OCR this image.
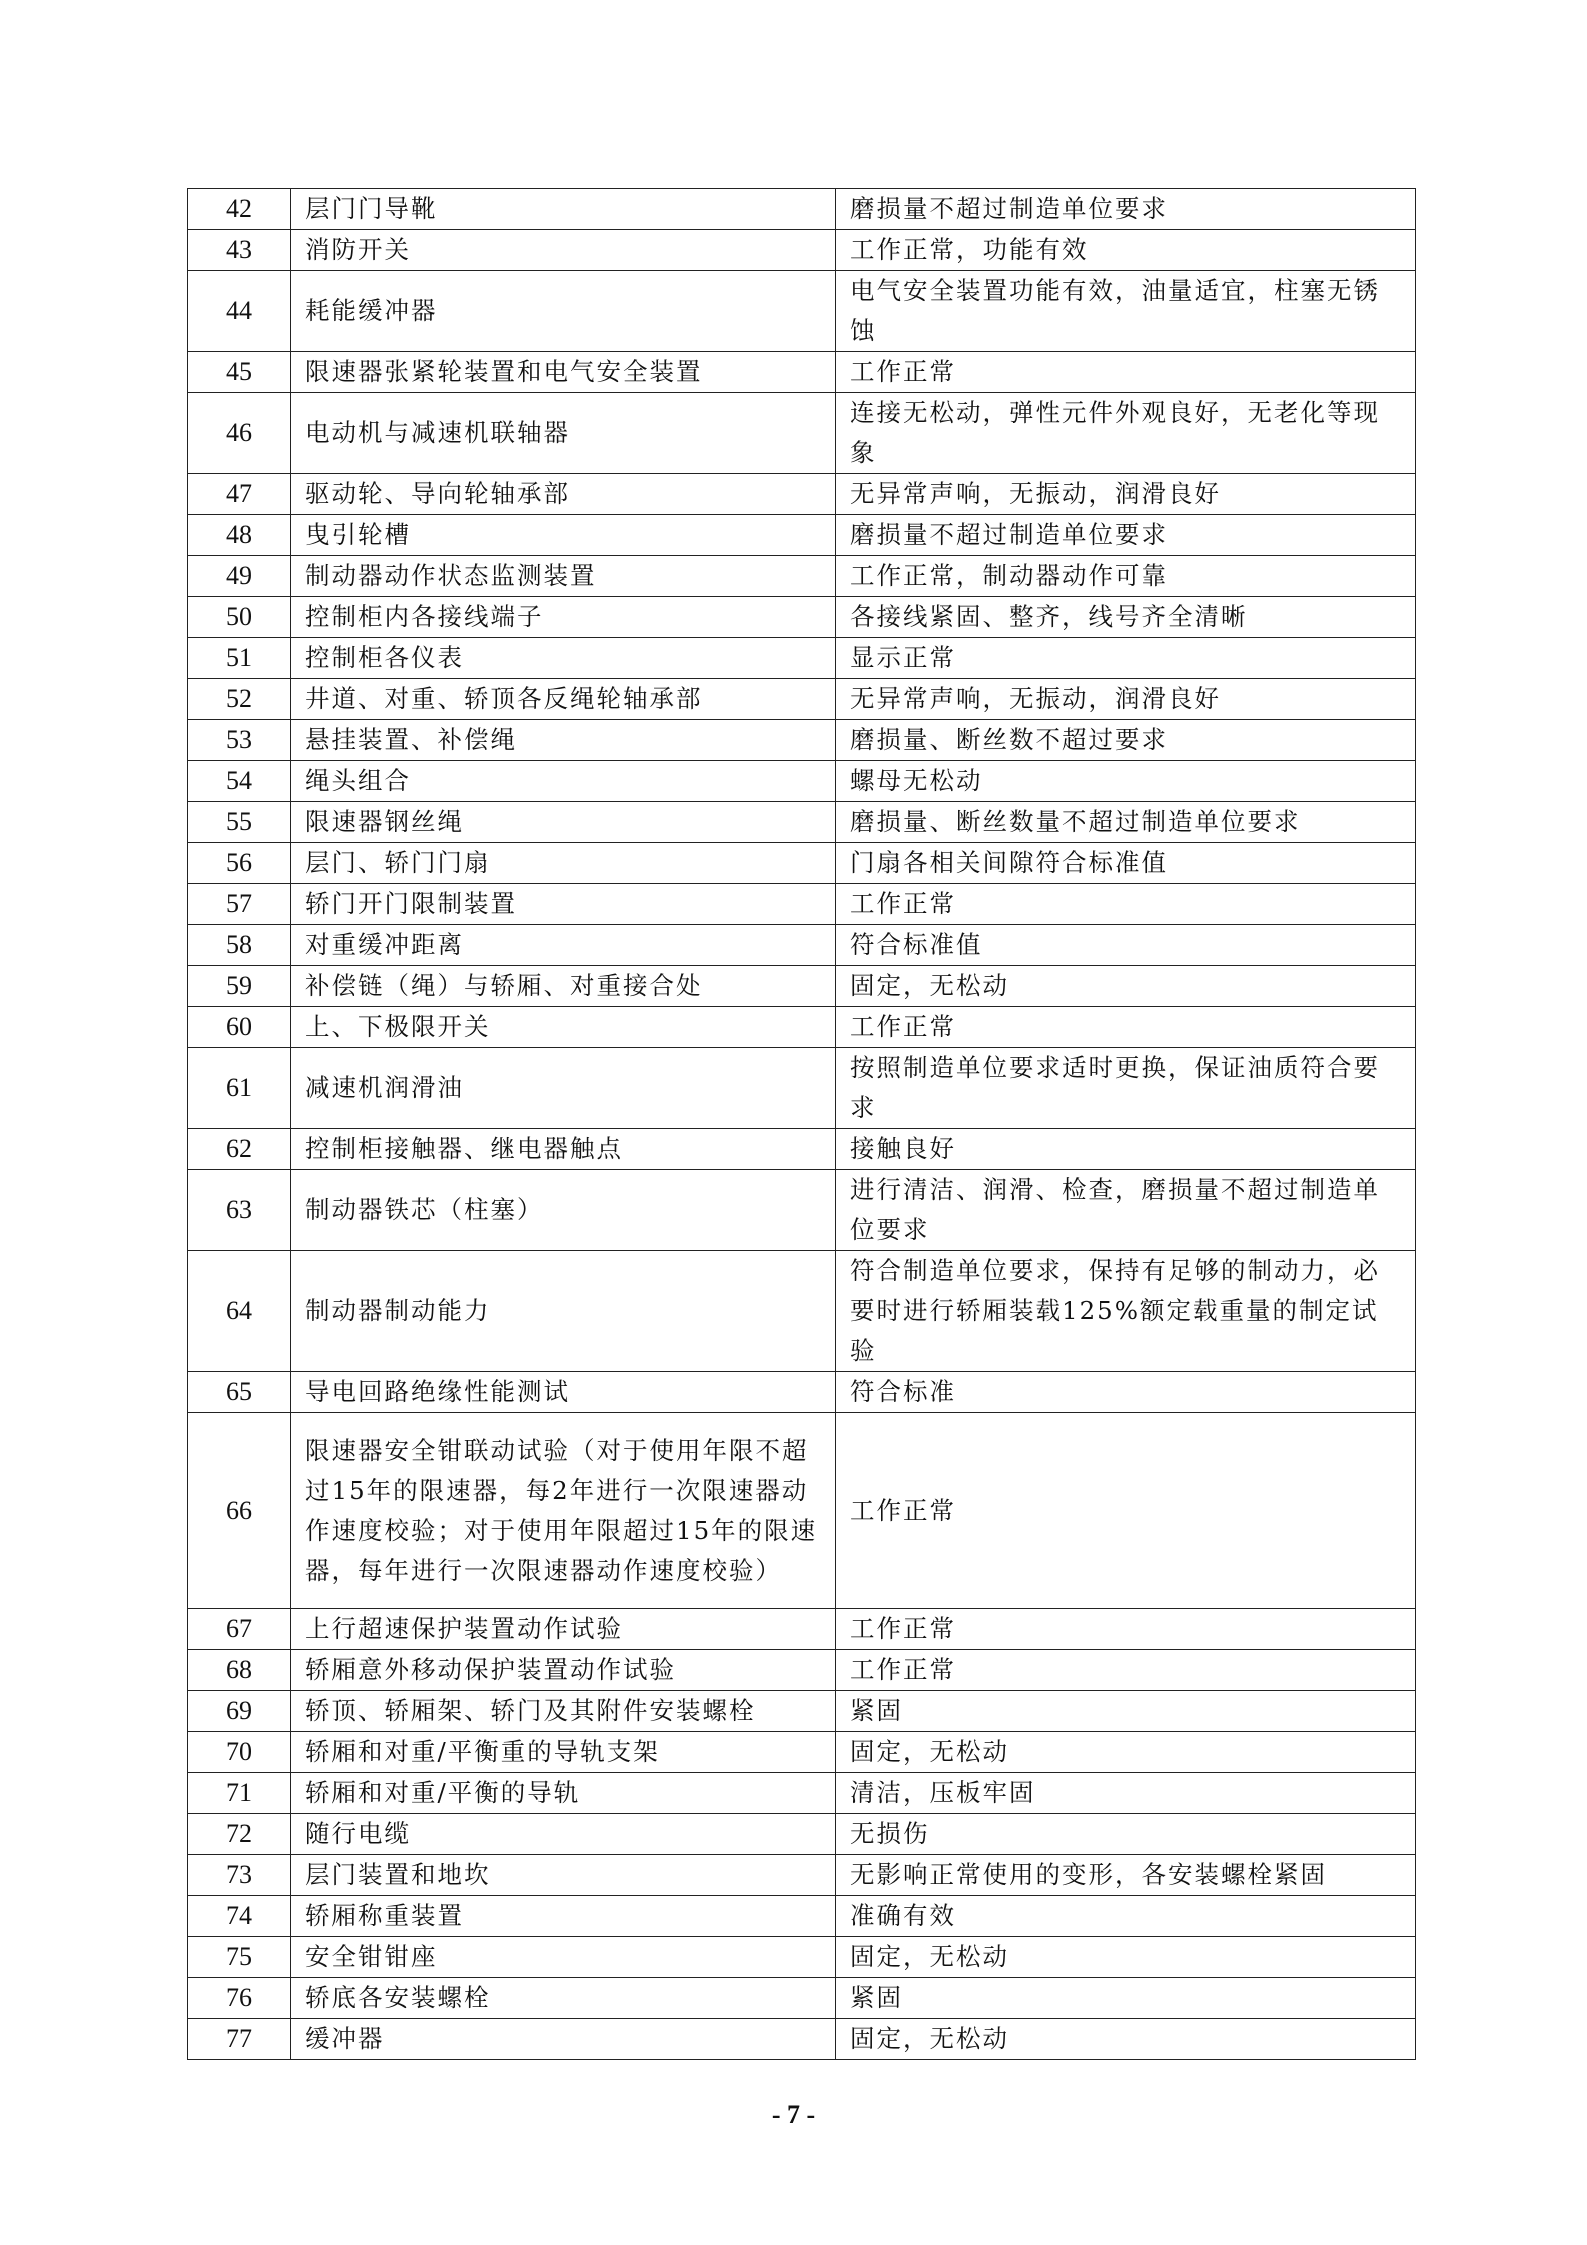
42	层门门导靴	磨损量不超过制造单位要求
43	消防开关	工作正常，功能有效
44	耗能缓冲器	电气安全装置功能有效，油量适宜，柱塞无锈蚀
45	限速器张紧轮装置和电气安全装置	工作正常
46	电动机与减速机联轴器	连接无松动，弹性元件外观良好，无老化等现象
47	驱动轮、导向轮轴承部	无异常声响，无振动，润滑良好
48	曳引轮槽	磨损量不超过制造单位要求
49	制动器动作状态监测装置	工作正常，制动器动作可靠
50	控制柜内各接线端子	各接线紧固、整齐，线号齐全清晰
51	控制柜各仪表	显示正常
52	井道、对重、轿顶各反绳轮轴承部	无异常声响，无振动，润滑良好
53	悬挂装置、补偿绳	磨损量、断丝数不超过要求
54	绳头组合	螺母无松动
55	限速器钢丝绳	磨损量、断丝数量不超过制造单位要求
56	层门、轿门门扇	门扇各相关间隙符合标准值
57	轿门开门限制装置	工作正常
58	对重缓冲距离	符合标准值
59	补偿链（绳）与轿厢、对重接合处	固定，无松动
60	上、下极限开关	工作正常
61	减速机润滑油	按照制造单位要求适时更换，保证油质符合要求
62	控制柜接触器、继电器触点	接触良好
63	制动器铁芯（柱塞）	进行清洁、润滑、检查，磨损量不超过制造单位要求
64	制动器制动能力	符合制造单位要求，保持有足够的制动力，必要时进行轿厢装载125%额定载重量的制定试验
65	导电回路绝缘性能测试	符合标准
66	限速器安全钳联动试验（对于使用年限不超过15年的限速器，每2年进行一次限速器动作速度校验；对于使用年限超过15年的限速器，每年进行一次限速器动作速度校验）	工作正常
67	上行超速保护装置动作试验	工作正常
68	轿厢意外移动保护装置动作试验	工作正常
69	轿顶、轿厢架、轿门及其附件安装螺栓	紧固
70	轿厢和对重/平衡重的导轨支架	固定，无松动
71	轿厢和对重/平衡的导轨	清洁，压板牢固
72	随行电缆	无损伤
73	层门装置和地坎	无影响正常使用的变形，各安装螺栓紧固
74	轿厢称重装置	准确有效
75	安全钳钳座	固定，无松动
76	轿底各安装螺栓	紧固
77	缓冲器	固定，无松动
- 7 -
